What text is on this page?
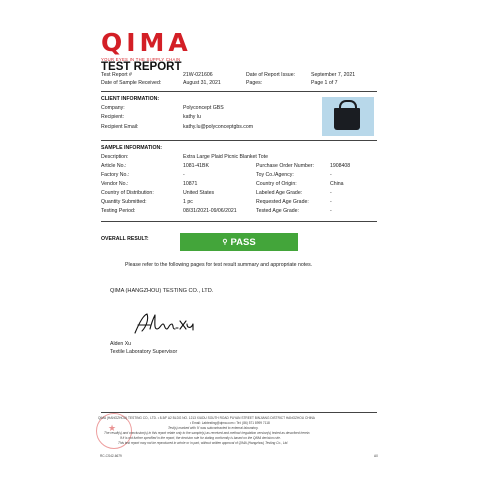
QIMA
YOUR EYES IN THE SUPPLY CHAIN
TEST REPORT
Test Report #	21W-021606	Date of Report Issue:	September 7, 2021
Date of Sample Received:	August 31, 2021	Pages:	Page 1 of 7
CLIENT INFORMATION:
Company:	Polyconcept GBS
Recipient:	kathy lu
Recipient Email:	kathy.lu@polyconceptgbs.com
SAMPLE INFORMATION:
Description:	Extra Large Plaid Picnic Blanket Tote
Article No.:	1081-41BK	Purchase Order Number:	1908408
Factory No.:	-	Toy Co./Agency:	-
Vendor No.:	10871	Country of Origin:	China
Country of Distribution:	United States	Labeled Age Grade:	-
Quantity Submitted:	1 pc	Requested Age Grade:	-
Testing Period:	08/31/2021-09/06/2021	Tested Age Grade:	-
OVERALL RESULT:	⚲ PASS
Please refer to the following pages for test result summary and appropriate notes.
QIMA (HANGZHOU) TESTING CO., LTD.
Alden Xu
Textile Laboratory Supervisor
★
QIMA (HANGZHOU) TESTING CO., LTD. • 8-5/F A2 BLDG NO. 1213 XIUDU SOUTH ROAD PUYAN STREET BINJIANG DISTRICT HANGZHOU CHINA
• Email: Labtesting@qima.com • Tel: (86) 571 8999 7118
Test(s) marked with '#' was subcontracted to external laboratory.
The result(s) and conclusion(s) in this report relate only to the sample(s) as received and method /regulation version(s) tested as described herein.
If it is not further specified in the report, the decision rule for stating conformity is based on the QIMA decision rule.
This test report may not be reproduced in whole or in part, without written approval of QIMA (Hangzhou) Testing Co., Ltd.
RC-CS42-6679	A0
